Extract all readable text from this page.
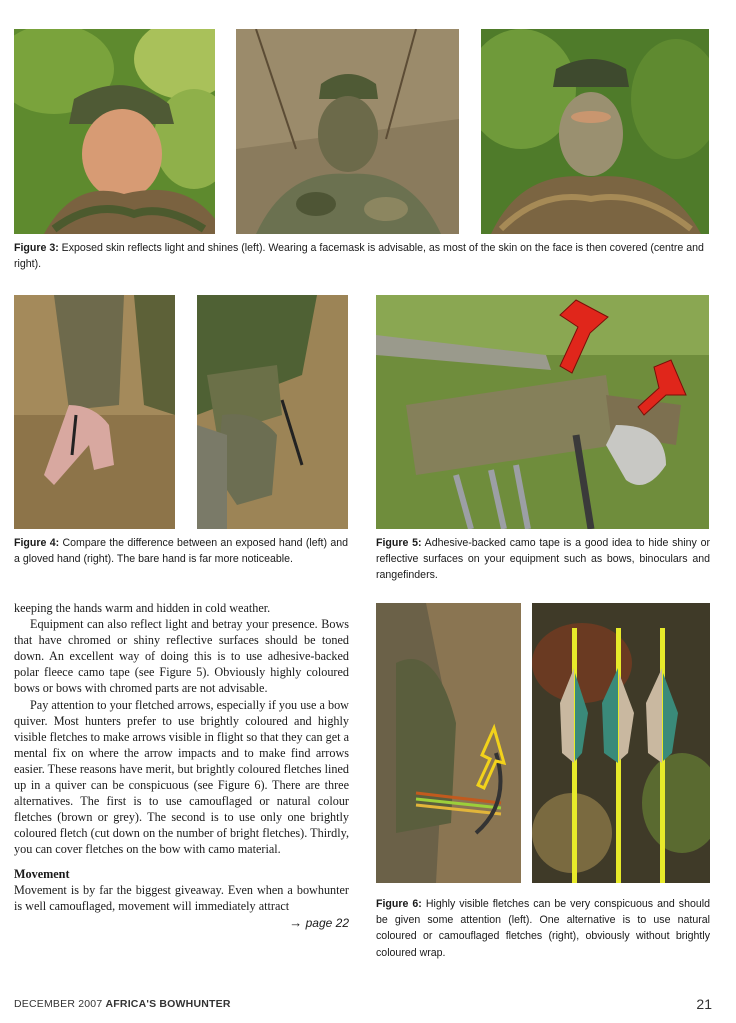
Figure 3: Exposed skin reflects light and shines (left). Wearing a facemask is advisable, as most of the skin on the face is then covered (centre and right).
Figure 4: Compare the difference between an exposed hand (left) and a gloved hand (right). The bare hand is far more noticeable.
Figure 5: Adhesive-backed camo tape is a good idea to hide shiny or reflective surfaces on your equipment such as bows, binoculars and rangefinders.
Figure 6: Highly visible fletches can be very conspicuous and should be given some attention (left). One alternative is to use natural coloured or camouflaged fletches (right), obviously without brightly coloured wrap.

keeping the hands warm and hidden in cold weather.

Equipment can also reflect light and betray your presence. Bows that have chromed or shiny reflective surfaces should be toned down. An excellent way of doing this is to use adhesive-backed polar fleece camo tape (see Figure 5). Obviously highly coloured bows or bows with chromed parts are not advisable.

Pay attention to your fletched arrows, especially if you use a bow quiver. Most hunters prefer to use brightly coloured and highly visible fletches to make arrows visible in flight so that they can get a mental fix on where the arrow impacts and to make find arrows easier. These reasons have merit, but brightly coloured fletches lined up in a quiver can be conspicuous (see Figure 6). There are three alternatives. The first is to use camouflaged or natural colour fletches (brown or grey). The second is to use only one brightly coloured fletch (cut down on the number of bright fletches). Thirdly, you can cover fletches on the bow with camo material.

Movement

Movement is by far the biggest giveaway. Even when a bowhunter is well camouflaged, movement will immediately attract

→ page 22
DECEMBER 2007 AFRICA'S BOWHUNTER	21
